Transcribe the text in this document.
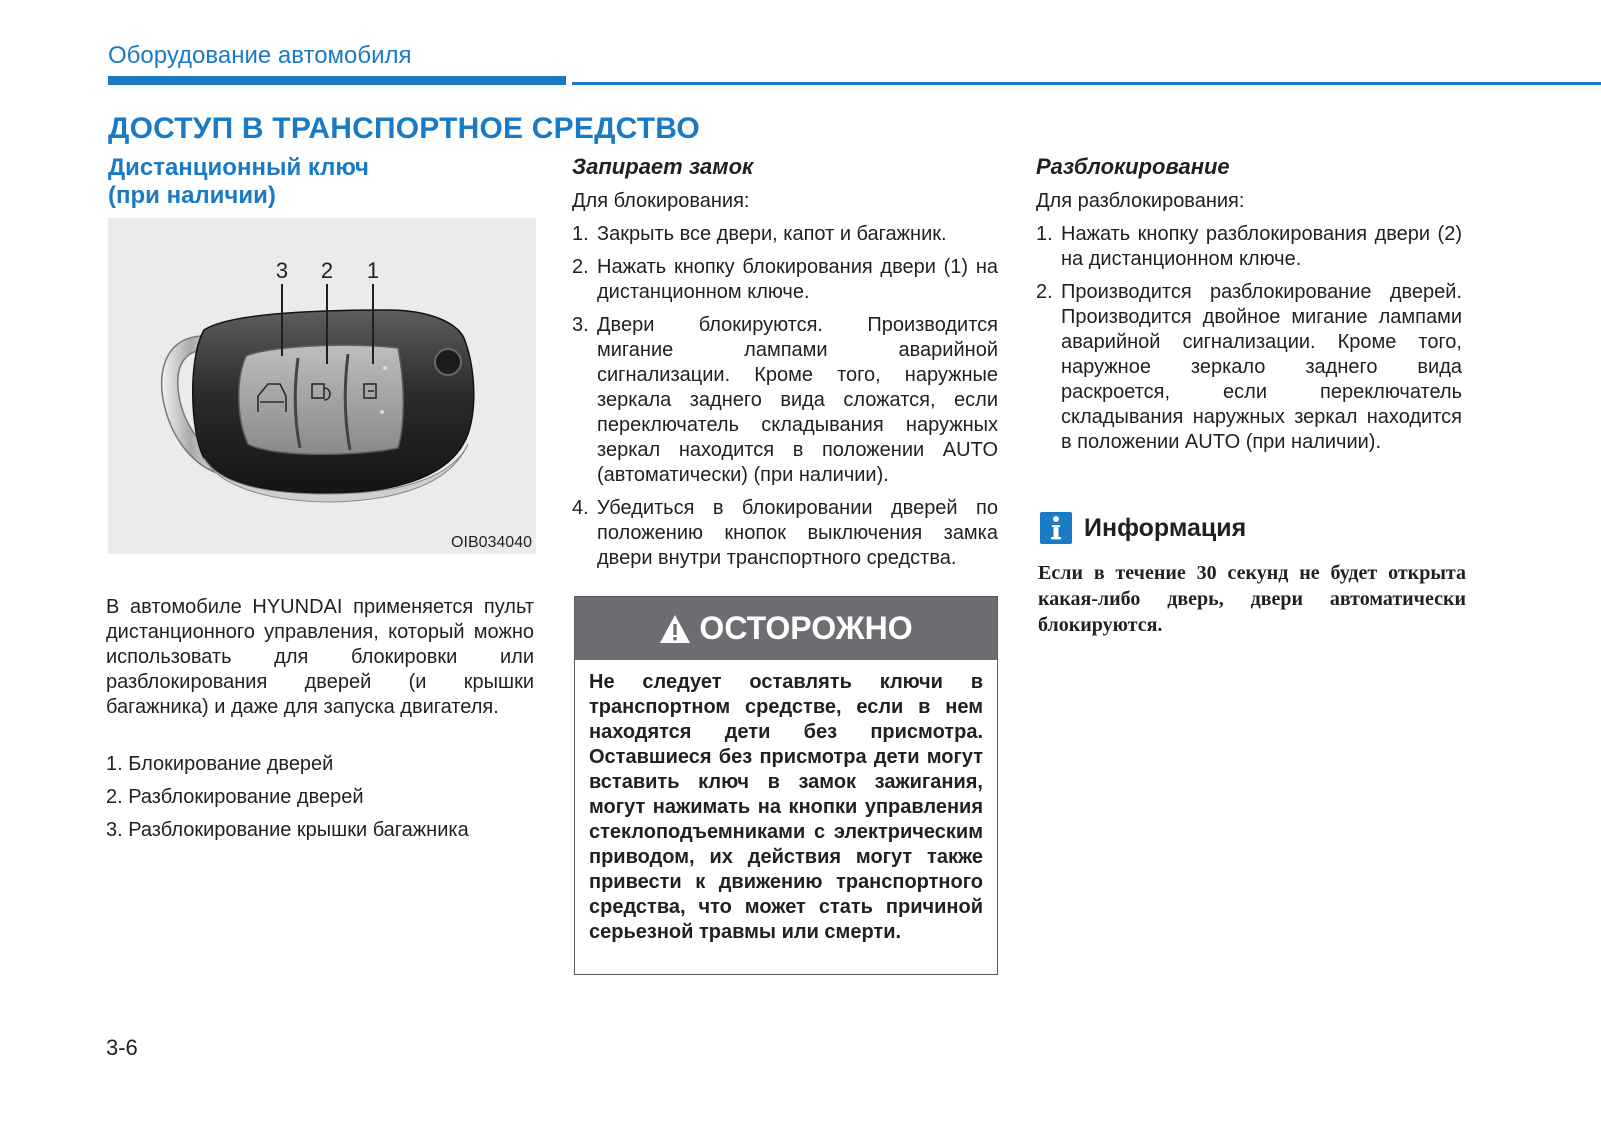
Оборудование автомобиля
ДОСТУП В ТРАНСПОРТНОЕ СРЕДСТВО
Дистанционный ключ
(при наличии)
3 2 1
OIB034040
В автомобиле HYUNDAI применяется пульт дистанционного управления, который можно использовать для блокировки или разблокирования дверей (и крышки багажника) и даже для запуска двигателя.
1. Блокирование дверей
2. Разблокирование дверей
3. Разблокирование крышки багажника
Запирает замок
Для блокирования:
1. Закрыть все двери, капот и багажник.
2. Нажать кнопку блокирования двери (1) на дистанционном ключе.
3. Двери блокируются. Производится мигание лампами аварийной сигнализации. Кроме того, наружные зеркала заднего вида сложатся, если переключатель складывания наружных зеркал находится в положении AUTO (автоматически) (при наличии).
4. Убедиться в блокировании дверей по положению кнопок выключения замка двери внутри транспортного средства.
ОСТОРОЖНО
Не следует оставлять ключи в транспортном средстве, если в нем находятся дети без присмотра. Оставшиеся без присмотра дети могут вставить ключ в замок зажигания, могут нажимать на кнопки управления стеклоподъемниками с электрическим приводом, их действия могут также привести к движению транспортного средства, что может стать причиной серьезной травмы или смерти.
Разблокирование
Для разблокирования:
1. Нажать кнопку разблокирования двери (2) на дистанционном ключе.
2. Производится разблокирование дверей. Производится двойное мигание лампами аварийной сигнализации. Кроме того, наружное зеркало заднего вида раскроется, если переключатель складывания наружных зеркал находится в положении AUTO (при наличии).
Информация
Если в течение 30 секунд не будет открыта какая-либо дверь, двери автоматически блокируются.
3-6
